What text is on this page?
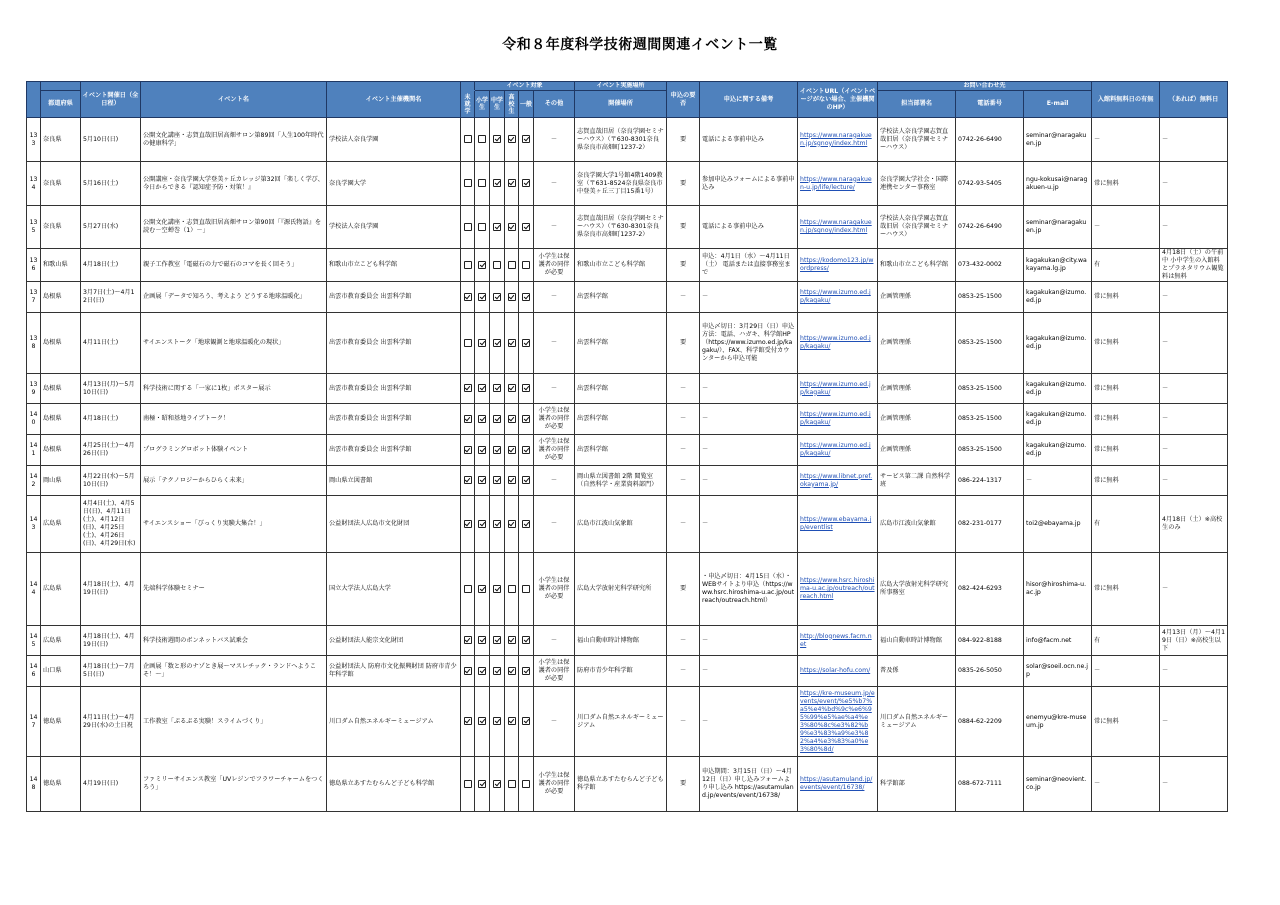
令和８年度科学技術週間関連イベント一覧
		イベント開催日（全日程）	イベント名	イベント主催機関名		イベント対象					イベント実施場所	申込の要否	申込に関する備考	イベントURL（イベントページがない場合、主催機関のHP）	お問い合わせ先			入館料無料日の有無	（あれば）無料日
	都道府県				未就学	小学生	中学生	高校生	一般	その他	開催場所				担当部署名	電話番号	E-mail		
133	奈良県	5月10日(日)	公開文化講座・志賀直哉旧居高畑サロン第89回「人生100年時代の健康科学」	学校法人奈良学園						－	志賀直哉旧居（奈良学園セミナーハウス）（〒630-8301奈良県奈良市高畑町1237-2）	要	電話による事前申込み	https://www.naragakuen.jp/sgnoy/index.html	学校法人奈良学園志賀直哉旧居（奈良学園セミナーハウス）	0742-26-6490	seminar@naragakuen.jp	－	－
134	奈良県	5月16日(土)	公開講座・奈良学園大学登美ヶ丘カレッジ第32回「楽しく学び、今日からできる『認知症予防・対策！』	奈良学園大学						－	奈良学園大学1号館4階1409教室（〒631-8524奈良県奈良市中登美ヶ丘三丁目15番1号）	要	参加申込みフォームによる事前申込み	https://www.naragakuen-u.jp/life/lecture/	奈良学園大学社会・国際連携センター事務室	0742-93-5405	ngu-kokusai@naragakuen-u.jp	常に無料	－
135	奈良県	5月27日(水)	公開文化講座・志賀直哉旧居高畑サロン第90回「『源氏物語』を読む－空蝉巻（1）－」	学校法人奈良学園						－	志賀直哉旧居（奈良学園セミナーハウス）（〒630-8301奈良県奈良市高畑町1237-2）	要	電話による事前申込み	https://www.naragakuen.jp/sgnoy/index.html	学校法人奈良学園志賀直哉旧居（奈良学園セミナーハウス）	0742-26-6490	seminar@naragakuen.jp	－	－
136	和歌山県	4月18日(土)	親子工作教室「電磁石の力で磁石のコマを長く回そう」	和歌山市立こども科学館						小学生は保護者の同伴が必要	和歌山市立こども科学館	要	申込：4月1日（水）～4月11日（土） 電話または直接事務室まで	https://kodomo123.jp/wordpress/	和歌山市立こども科学館	073-432-0002	kagakukan@city.wakayama.lg.jp	有	4月18日（土）の午前中 小中学生の入館料とプラネタリウム観覧料は無料
137	島根県	3月7日(土)～4月12日(日)	企画展「データで知ろう、考えよう どうする地球温暖化」	出雲市教育委員会 出雲科学館						－	出雲科学館	－	－	https://www.izumo.ed.jp/kagaku/	企画管理係	0853-25-1500	kagakukan@izumo.ed.jp	常に無料	－
138	島根県	4月11日(土)	サイエンストーク「地球観測と地球温暖化の現状」	出雲市教育委員会 出雲科学館						－	出雲科学館	要	申込〆切日：3月29日（日）申込方法：電話、ハガキ、科学館HP（https://www.izumo.ed.jp/kagaku/）、FAX、科学館受付カウンターから申込可能	https://www.izumo.ed.jp/kagaku/	企画管理係	0853-25-1500	kagakukan@izumo.ed.jp	常に無料	－
139	島根県	4月13日(月)～5月10日(日)	科学技術に関する「一家に1枚」ポスター展示	出雲市教育委員会 出雲科学館						－	出雲科学館	－	－	https://www.izumo.ed.jp/kagaku/	企画管理係	0853-25-1500	kagakukan@izumo.ed.jp	常に無料	－
140	島根県	4月18日(土)	南極・昭和基地ライブトーク！	出雲市教育委員会 出雲科学館						小学生は保護者の同伴が必要	出雲科学館	－	－	https://www.izumo.ed.jp/kagaku/	企画管理係	0853-25-1500	kagakukan@izumo.ed.jp	常に無料	－
141	島根県	4月25日(土)～4月26日(日)	プログラミングロボット体験イベント	出雲市教育委員会 出雲科学館						小学生は保護者の同伴が必要	出雲科学館	－	－	https://www.izumo.ed.jp/kagaku/	企画管理係	0853-25-1500	kagakukan@izumo.ed.jp	常に無料	－
142	岡山県	4月22日(水)～5月10日(日)	展示「テクノロジーからひらく未来」	岡山県立図書館						－	岡山県立図書館 2階 閲覧室（自然科学・産業資料部門）	－	－	https://www.libnet.pref.okayama.jp/	サービス第二課 自然科学班	086-224-1317	－	常に無料	－
143	広島県	4月4日(土)、4月5日(日)、4月11日(土)、4月12日(日)、4月25日(土)、4月26日(日)、4月29日(水)	サイエンスショー「びっくり実験大集合！」	公益財団法人広島市文化財団						－	広島市江波山気象館	－	－	https://www.ebayama.jp/eventlist	広島市江波山気象館	082-231-0177	toi2@ebayama.jp	有	4月18日（土）※高校生のみ
144	広島県	4月18日(土)、4月19日(日)	先端科学体験セミナー	国立大学法人広島大学						小学生は保護者の同伴が必要	広島大学放射光科学研究所	要	・申込〆切日：4月15日（水）・WEBサイトより申込（https://www.hsrc.hiroshima-u.ac.jp/outreach/outreach.html）	https://www.hsrc.hiroshima-u.ac.jp/outreach/outreach.html	広島大学放射光科学研究所事務室	082-424-6293	hisor@hiroshima-u.ac.jp	常に無料	－
145	広島県	4月18日(土)、4月19日(日)	科学技術週間のボンネットバス試乗会	公益財団法人能宗文化財団						－	福山自動車時計博物館	－	－	http://blognews.facm.net	福山自動車時計博物館	084-922-8188	info@facm.net	有	4月13日（月）～4月19日（日）※高校生以下
146	山口県	4月18日(土)～7月5日(日)	企画展「数と形のナゾとき展～マスレチック・ランドへようこそ！～」	公益財団法人 防府市文化振興財団 防府市青少年科学館						小学生は保護者の同伴が必要	防府市青少年科学館	－	－	https://solar-hofu.com/	普及係	0835-26-5050	solar@soeil.ocn.ne.jp	－	－
147	徳島県	4月11日(土)～4月29日(水)の土日祝	工作教室「ぷるぷる実験！スライムづくり」	川口ダム自然エネルギーミュージアム						－	川口ダム自然エネルギーミュージアム	－	－	https://kre-museum.jp/events/event/%e5%b7%a5%e4%bd%9c%e6%95%99%e5%ae%a4%e3%80%8c%e3%82%b9%e3%83%a9%e3%82%a4%e3%83%a0%e3%80%8d/	川口ダム自然エネルギーミュージアム	0884-62-2209	enemyu@kre-museum.jp	常に無料	－
148	徳島県	4月19日(日)	ファミリーサイエンス教室「UVレジンでフラワーチャームをつくろう」	徳島県立あすたむらんど子ども科学館						小学生は保護者の同伴が必要	徳島県立あすたむらんど子ども科学館	要	申込期間：3月15日（日）～4月12日（日）申し込みフォームより申し込み https://asutamuland.jp/events/event/16738/	https://asutamuland.jp/events/event/16738/	科学館部	088-672-7111	seminar@neovient.co.jp	－	－
